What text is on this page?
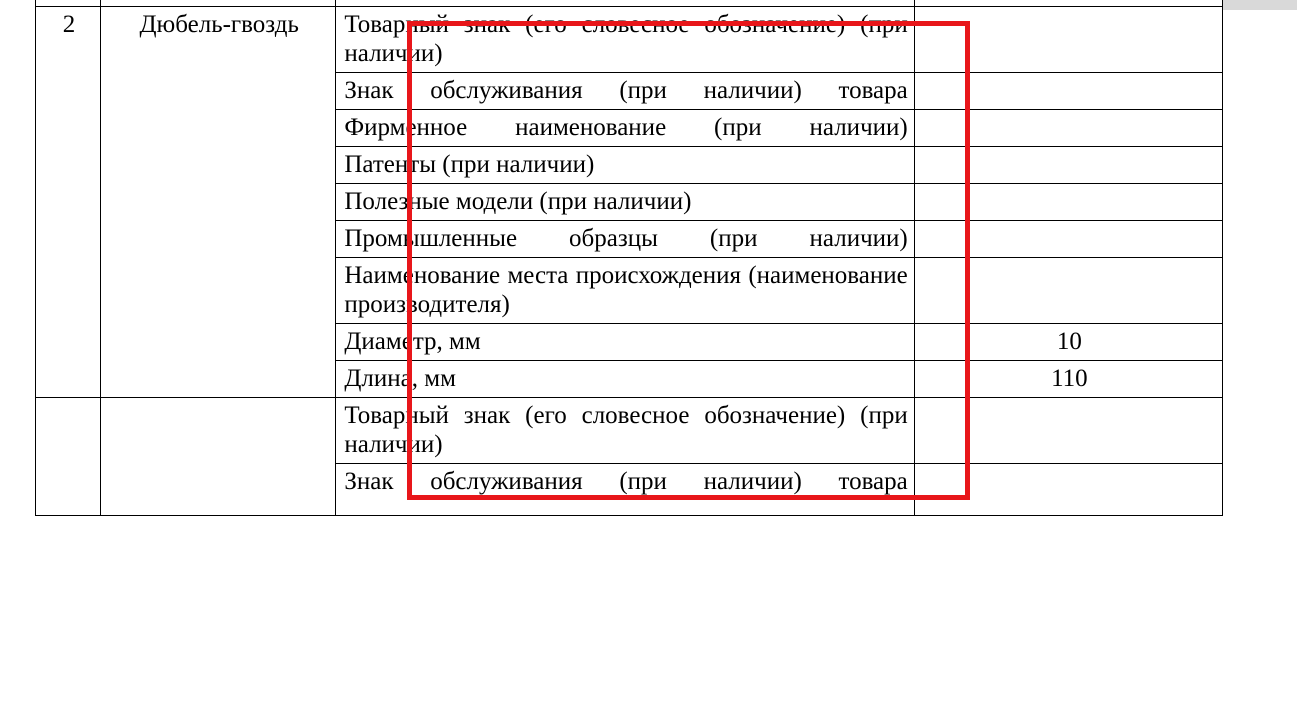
2	Дюбель-гвоздь	Товарный знак (его словесное обозначение) (при наличии)	
		Знак обслуживания (при наличии) товара	
		Фирменное наименование (при наличии)	
		Патенты (при наличии)	
		Полезные модели (при наличии)	
		Промышленные образцы (при наличии)	
		Наименование места происхождения (наименование производителя)	
		Диаметр, мм	10
		Длина, мм	110
		Товарный знак (его словесное обозначение) (при наличии)	
		Знак обслуживания (при наличии) товара	
